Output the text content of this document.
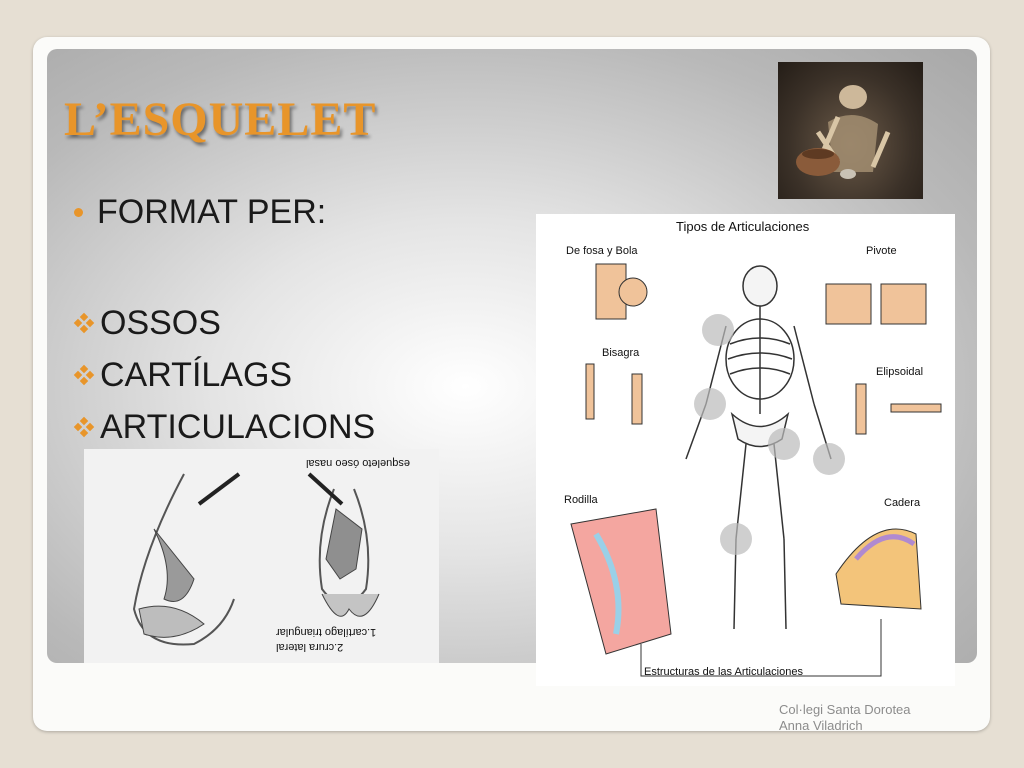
L’ESQUELET
FORMAT PER:
OSSOS
CARTÍLAGS
ARTICULACIONS
Tipos de Articulaciones
De fosa y Bola	Pivote
Bisagra
Elipsoidal
Rodilla	Cadera
Estructuras de las Articulaciones
esqueleto óseo nasal
1.cartílago triangular
2.crura lateral
Col·legi Santa Dorotea
Anna Viladrich
